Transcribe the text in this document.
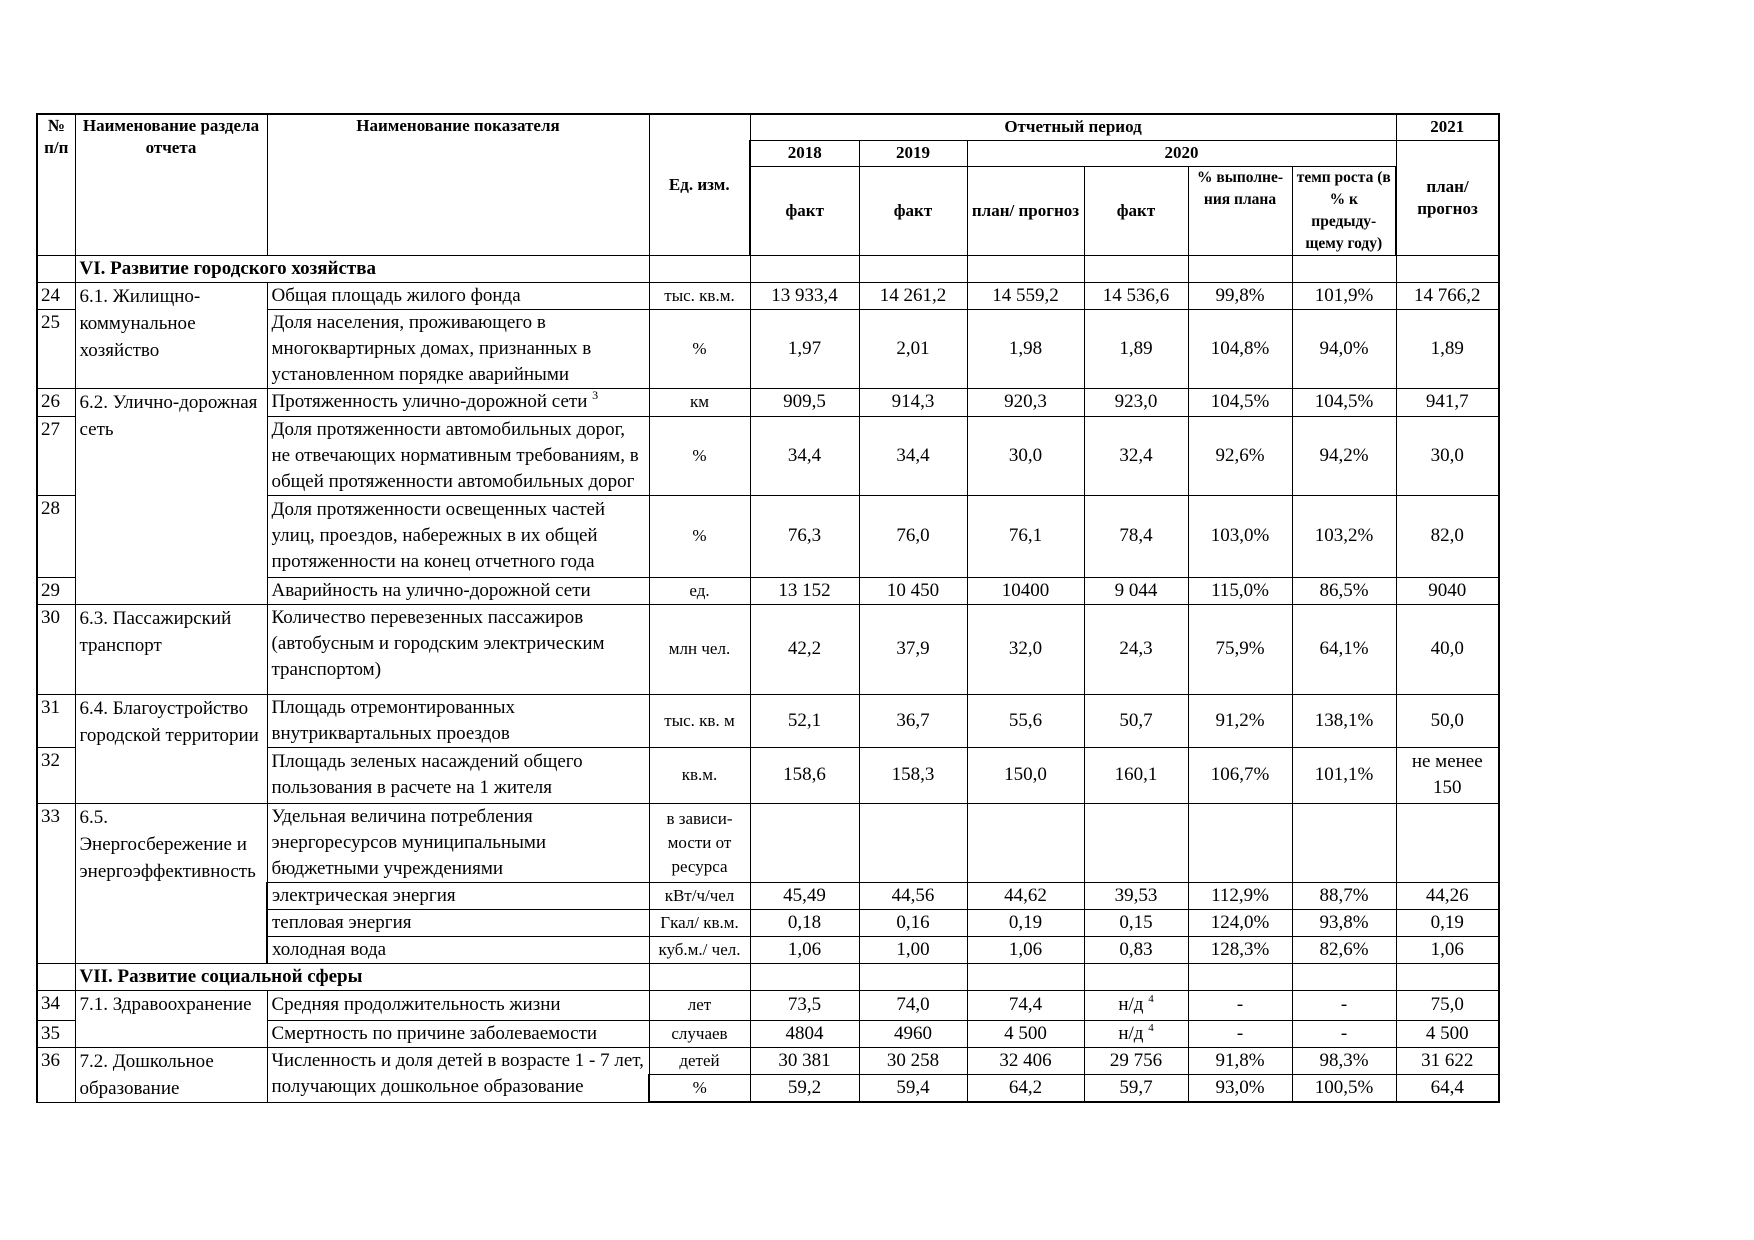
№ п/п	Наименование раздела отчета	Наименование показателя	Ед. изм.	Отчетный период						2021
				2018	2019	2020				план/ прогноз
				факт	факт	план/ прогноз	факт	% выполне-ния плана	темп роста (в % к предыду-щему году)	
	VI. Развитие городского хозяйства									
24	6.1. Жилищно-коммунальное хозяйство	Общая площадь жилого фонда	тыс. кв.м.	13 933,4	14 261,2	14 559,2	14 536,6	99,8%	101,9%	14 766,2
25		Доля населения, проживающего в многоквартирных домах, признанных в установленном порядке аварийными	%	1,97	2,01	1,98	1,89	104,8%	94,0%	1,89
26	6.2. Улично-дорожная сеть	Протяженность улично-дорожной сети $^3$	км	909,5	914,3	920,3	923,0	104,5%	104,5%	941,7
27		Доля протяженности автомобильных дорог, не отвечающих нормативным требованиям, в общей протяженности автомобильных дорог	%	34,4	34,4	30,0	32,4	92,6%	94,2%	30,0
28		Доля протяженности освещенных частей улиц, проездов, набережных в их общей протяженности на конец отчетного года	%	76,3	76,0	76,1	78,4	103,0%	103,2%	82,0
29		Аварийность на улично-дорожной сети	ед.	13 152	10 450	10400	9 044	115,0%	86,5%	9040
30	6.3. Пассажирский транспорт	Количество перевезенных пассажиров (автобусным и городским электрическим транспортом)	млн чел.	42,2	37,9	32,0	24,3	75,9%	64,1%	40,0
31	6.4. Благоустройство городской территории	Площадь отремонтированных внутриквартальных проездов	тыс. кв. м	52,1	36,7	55,6	50,7	91,2%	138,1%	50,0
32		Площадь зеленых насаждений общего пользования в расчете на 1 жителя	кв.м.	158,6	158,3	150,0	160,1	106,7%	101,1%	не менее 150
33	6.5. Энергосбережение и энергоэффективность	Удельная величина потребления энергоресурсов муниципальными бюджетными учреждениями	в зависи-мости от ресурса							
		электрическая энергия	кВт/ч/чел	45,49	44,56	44,62	39,53	112,9%	88,7%	44,26
		тепловая энергия	Гкал/ кв.м.	0,18	0,16	0,19	0,15	124,0%	93,8%	0,19
		холодная вода	куб.м./ чел.	1,06	1,00	1,06	0,83	128,3%	82,6%	1,06
	VII. Развитие социальной сферы									
34	7.1. Здравоохранение	Средняя продолжительность жизни	лет	73,5	74,0	74,4	н/д $^4$	-	-	75,0
35		Смертность по причине заболеваемости	случаев	4804	4960	4 500	н/д $^4$	-	-	4 500
36	7.2. Дошкольное образование	Численность и доля детей в возрасте 1 - 7 лет, получающих дошкольное образование	детей	30 381	30 258	32 406	29 756	91,8%	98,3%	31 622
			%	59,2	59,4	64,2	59,7	93,0%	100,5%	64,4
